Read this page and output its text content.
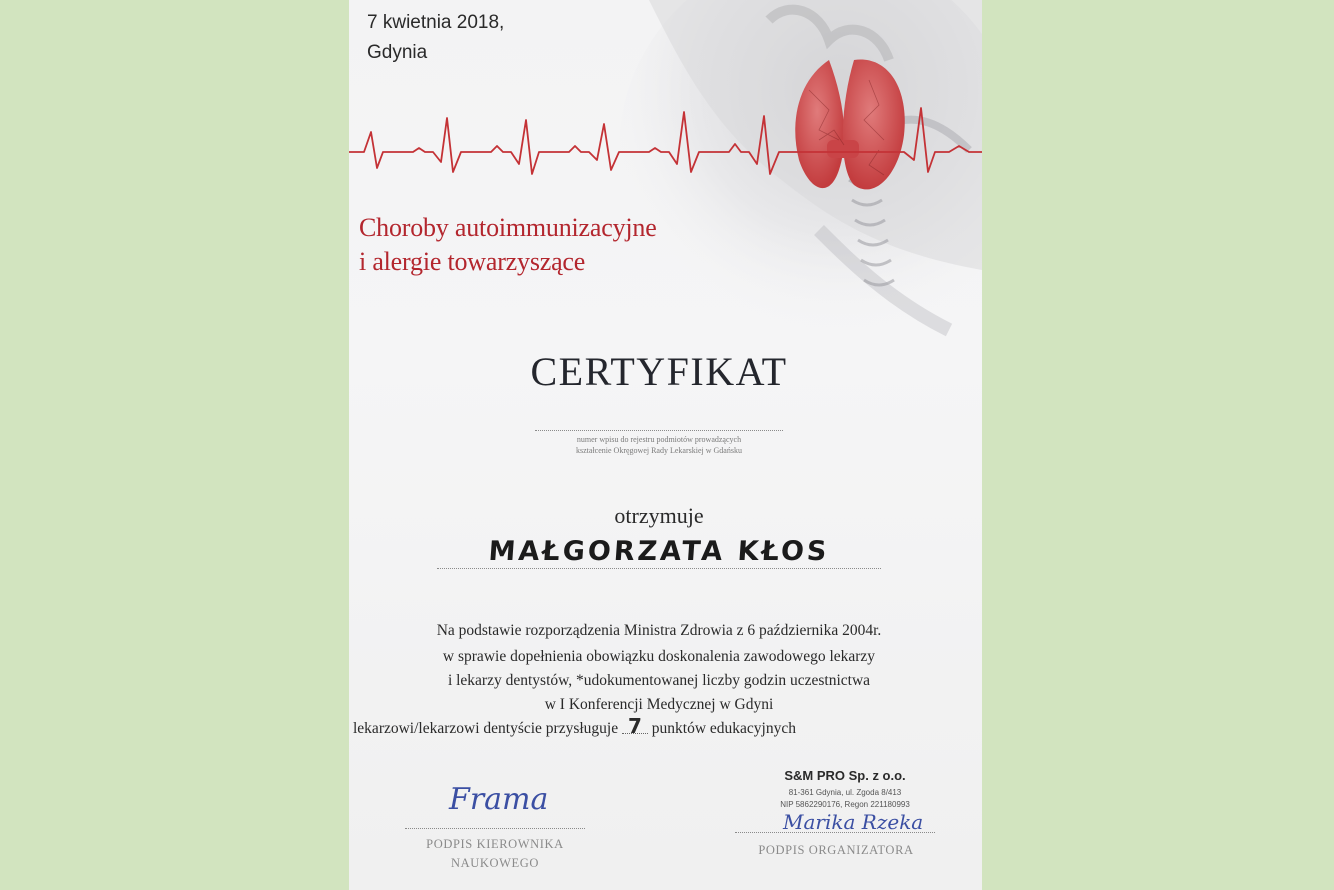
7 kwietnia 2018,
Gdynia
Choroby autoimmunizacyjne
i alergie towarzyszące
CERTYFIKAT
numer wpisu do rejestru podmiotów prowadzących
kształcenie Okręgowej Rady Lekarskiej w Gdańsku
otrzymuje
MAŁGORZATA KŁOS
Na podstawie rozporządzenia Ministra Zdrowia z 6 października 2004r.
w sprawie dopełnienia obowiązku doskonalenia zawodowego lekarzy
i lekarzy dentystów, *udokumentowanej liczby godzin uczestnictwa
w I Konferencji Medycznej w Gdyni
lekarzowi/lekarzowi dentyście przysługuje 7 punktów edukacyjnych
S&M PRO Sp. z o.o.
81-361 Gdynia, ul. Zgoda 8/413
NIP 5862290176, Regon 221180993
Frama
PODPIS KIEROWNIKA
NAUKOWEGO
Marika Rzeka
PODPIS ORGANIZATORA
